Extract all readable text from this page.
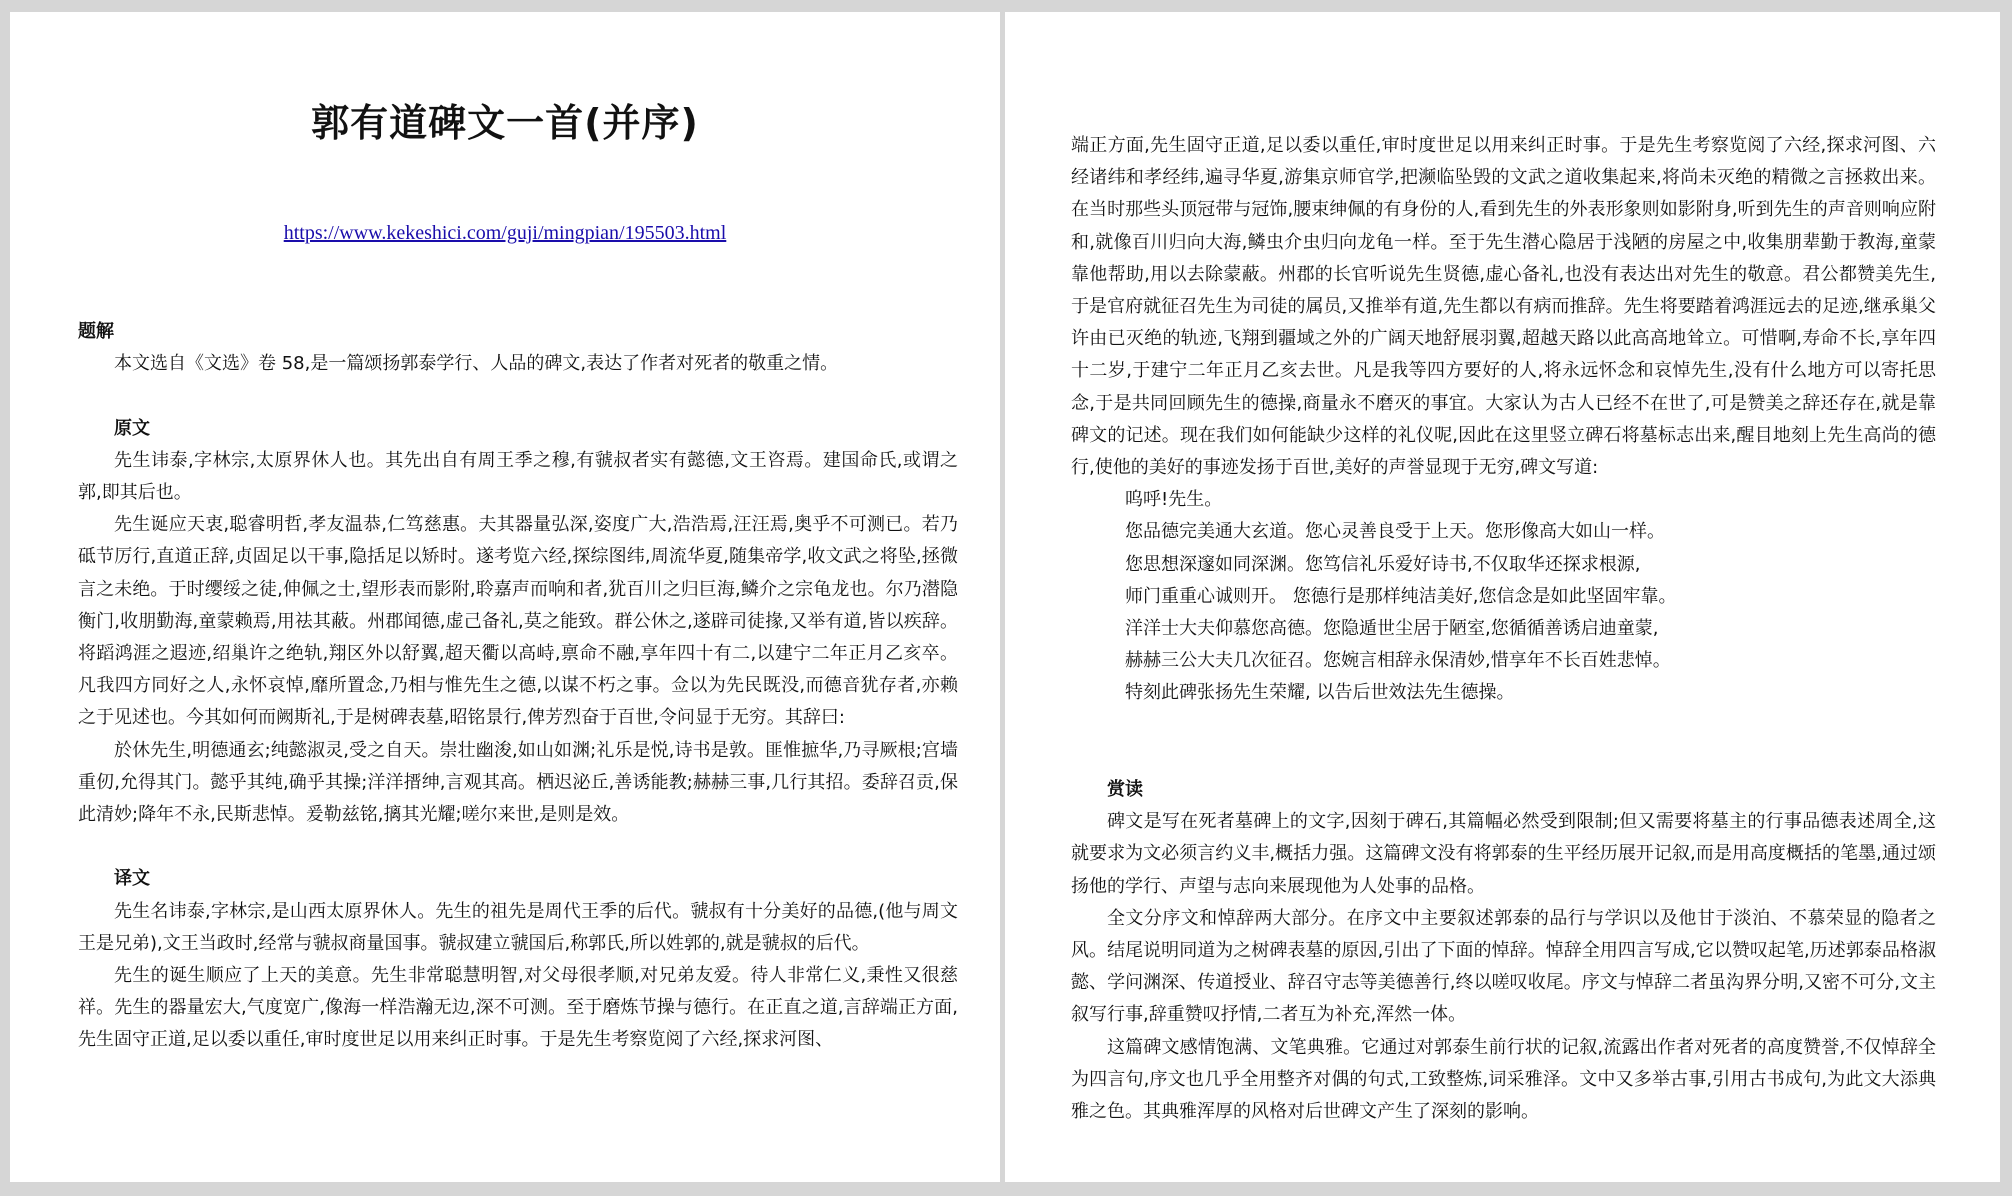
郭有道碑文一首(并序)
https://www.kekeshici.com/guji/mingpian/195503.html
题解

本文选自《文选》卷 58,是一篇颂扬郭泰学行、人品的碑文,表达了作者对死者的敬重之情。

原文

先生讳泰,字林宗,太原界休人也。其先出自有周王季之穆,有虢叔者实有懿德,文王咨焉。建国命氏,或谓之郭,即其后也。

先生诞应天衷,聪睿明哲,孝友温恭,仁笃慈惠。夫其器量弘深,姿度广大,浩浩焉,汪汪焉,奥乎不可测已。若乃砥节厉行,直道正辞,贞固足以干事,隐括足以矫时。遂考览六经,探综图纬,周流华夏,随集帝学,收文武之将坠,拯微言之未绝。于时缨绥之徒,伸佩之士,望形表而影附,聆嘉声而响和者,犹百川之归巨海,鳞介之宗龟龙也。尔乃潜隐衡门,收朋勤海,童蒙赖焉,用祛其蔽。州郡闻德,虚己备礼,莫之能致。群公休之,遂辟司徒掾,又举有道,皆以疾辞。将蹈鸿涯之遐迹,绍巢许之绝轨,翔区外以舒翼,超天衢以高峙,禀命不融,享年四十有二,以建宁二年正月乙亥卒。凡我四方同好之人,永怀哀悼,靡所置念,乃相与惟先生之德,以谋不朽之事。佥以为先民既没,而德音犹存者,亦赖之于见述也。今其如何而阙斯礼,于是树碑表墓,昭铭景行,俾芳烈奋于百世,令问显于无穷。其辞曰:

於休先生,明德通玄;纯懿淑灵,受之自天。崇壮幽浚,如山如渊;礼乐是悦,诗书是敦。匪惟摭华,乃寻厥根;宫墙重仞,允得其门。懿乎其纯,确乎其操;洋洋搢绅,言观其高。栖迟泌丘,善诱能教;赫赫三事,几行其招。委辞召贡,保此清妙;降年不永,民斯悲悼。爰勒兹铭,摛其光耀;嗟尔来世,是则是效。

译文

先生名讳泰,字林宗,是山西太原界休人。先生的祖先是周代王季的后代。虢叔有十分美好的品德,(他与周文王是兄弟),文王当政时,经常与虢叔商量国事。虢叔建立虢国后,称郭氏,所以姓郭的,就是虢叔的后代。

先生的诞生顺应了上天的美意。先生非常聪慧明智,对父母很孝顺,对兄弟友爱。待人非常仁义,秉性又很慈祥。先生的器量宏大,气度宽广,像海一样浩瀚无边,深不可测。至于磨炼节操与德行。在正直之道,言辞端正方面,先生固守正道,足以委以重任,审时度世足以用来纠正时事。于是先生考察览阅了六经,探求河图、

端正方面,先生固守正道,足以委以重任,审时度世足以用来纠正时事。于是先生考察览阅了六经,探求河图、六经诸纬和孝经纬,遍寻华夏,游集京师官学,把濒临坠毁的文武之道收集起来,将尚未灭绝的精微之言拯救出来。在当时那些头顶冠带与冠饰,腰束绅佩的有身份的人,看到先生的外表形象则如影附身,听到先生的声音则响应附和,就像百川归向大海,鳞虫介虫归向龙龟一样。至于先生潜心隐居于浅陋的房屋之中,收集朋辈勤于教海,童蒙靠他帮助,用以去除蒙蔽。州郡的长官听说先生贤德,虚心备礼,也没有表达出对先生的敬意。君公都赞美先生,于是官府就征召先生为司徒的属员,又推举有道,先生都以有病而推辞。先生将要踏着鸿涯远去的足迹,继承巢父许由已灭绝的轨迹,飞翔到疆域之外的广阔天地舒展羽翼,超越天路以此高高地耸立。可惜啊,寿命不长,享年四十二岁,于建宁二年正月乙亥去世。凡是我等四方要好的人,将永远怀念和哀悼先生,没有什么地方可以寄托思念,于是共同回顾先生的德操,商量永不磨灭的事宜。大家认为古人已经不在世了,可是赞美之辞还存在,就是靠碑文的记述。现在我们如何能缺少这样的礼仪呢,因此在这里竖立碑石将墓标志出来,醒目地刻上先生高尚的德行,使他的美好的事迹发扬于百世,美好的声誉显现于无穷,碑文写道:

呜呼!先生。

您品德完美通大玄道。您心灵善良受于上天。您形像高大如山一样。

您思想深邃如同深渊。您笃信礼乐爱好诗书,不仅取华还探求根源,

师门重重心诚则开。 您德行是那样纯洁美好,您信念是如此坚固牢靠。

洋洋士大夫仰慕您高德。您隐遁世尘居于陋室,您循循善诱启迪童蒙,

赫赫三公大夫几次征召。您婉言相辞永保清妙,惜享年不长百姓悲悼。

特刻此碑张扬先生荣耀, 以告后世效法先生德操。

赏读

碑文是写在死者墓碑上的文字,因刻于碑石,其篇幅必然受到限制;但又需要将墓主的行事品德表述周全,这就要求为文必须言约义丰,概括力强。这篇碑文没有将郭泰的生平经历展开记叙,而是用高度概括的笔墨,通过颂扬他的学行、声望与志向来展现他为人处事的品格。

全文分序文和悼辞两大部分。在序文中主要叙述郭泰的品行与学识以及他甘于淡泊、不慕荣显的隐者之风。结尾说明同道为之树碑表墓的原因,引出了下面的悼辞。悼辞全用四言写成,它以赞叹起笔,历述郭泰品格淑懿、学问渊深、传道授业、辞召守志等美德善行,终以嗟叹收尾。序文与悼辞二者虽沟界分明,又密不可分,文主叙写行事,辞重赞叹抒情,二者互为补充,浑然一体。

这篇碑文感情饱满、文笔典雅。它通过对郭泰生前行状的记叙,流露出作者对死者的高度赞誉,不仅悼辞全为四言句,序文也几乎全用整齐对偶的句式,工致整炼,词采雅泽。文中又多举古事,引用古书成句,为此文大添典雅之色。其典雅浑厚的风格对后世碑文产生了深刻的影响。
